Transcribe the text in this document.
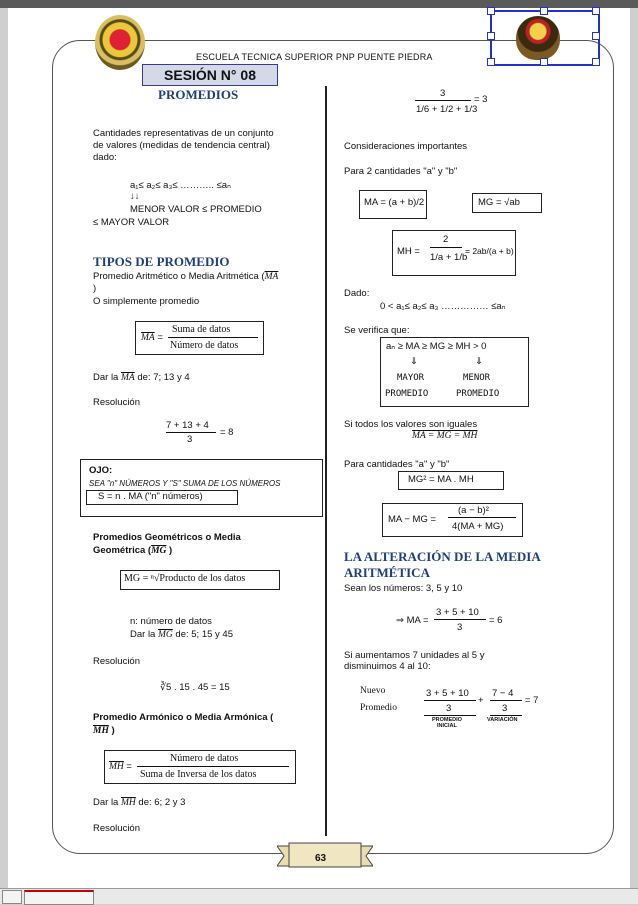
ESCUELA TECNICA SUPERIOR PNP PUENTE PIEDRA
SESIÓN N° 08
PROMEDIOS
Cantidades representativas de un conjunto
de valores (medidas de tendencia central)
dado:
a₁≤ a₂≤ a₃≤ ……….. ≤aₙ
↓↓
MENOR VALOR ≤ PROMEDIO
≤ MAYOR VALOR
TIPOS DE PROMEDIO
Promedio Aritmético o Media Aritmética ($\overline{MA}$
)
O simplemente promedio
$\overline{MA}$ =
Suma de datos
Número de datos
Dar la $\overline{MA}$ de: 7; 13 y 4
Resolución
7 + 13 + 4
3
= 8
OJO:
SEA "n" NÚMEROS Y "S" SUMA DE LOS NÚMEROS
S = n . MA ("n" números)
Promedios Geométricos o Media
Geométrica ($\overline{MG}$ )
MG = ⁿ√Producto de los datos
n: número de datos
Dar la $\overline{MG}$ de: 5; 15 y 45
Resolución
∛5 . 15 . 45 = 15
Promedio Armónico o Media Armónica (
$\overline{MH}$ )
$\overline{MH}$ =
Número de datos
Suma de Inversa de los datos
Dar la $\overline{MH}$ de: 6; 2 y 3
Resolución
3
1/6 + 1/2 + 1/3
= 3
Consideraciones importantes
Para 2 cantidades "a" y "b"
MA = (a + b)/2	MG = √ab
MH =
2
1/a + 1/b
= 2ab/(a + b)
Dado:
0 < a₁≤ a₂≤ a₃ …………… ≤aₙ
Se verifica que:
aₙ ≥ MA ≥ MG ≥ MH > 0
⇓	⇓
MAYOR	MENOR
PROMEDIO	PROMEDIO
Si todos los valores son iguales
MA = MG = MH
Para cantidades "a" y "b"
MG² = MA . MH
MA − MG =
(a − b)²
4(MA + MG)
LA ALTERACIÓN DE LA MEDIA
ARITMÉTICA
Sean los números: 3, 5 y 10
⇒ MA =
3 + 5 + 10
3
= 6
Si aumentamos 7 unidades al 5 y
disminuimos 4 al 10:
Nuevo
Promedio
3 + 5 + 10
3
+
7 − 4
3
= 7
PROMEDIO
INICIAL
VARIACIÓN
63
